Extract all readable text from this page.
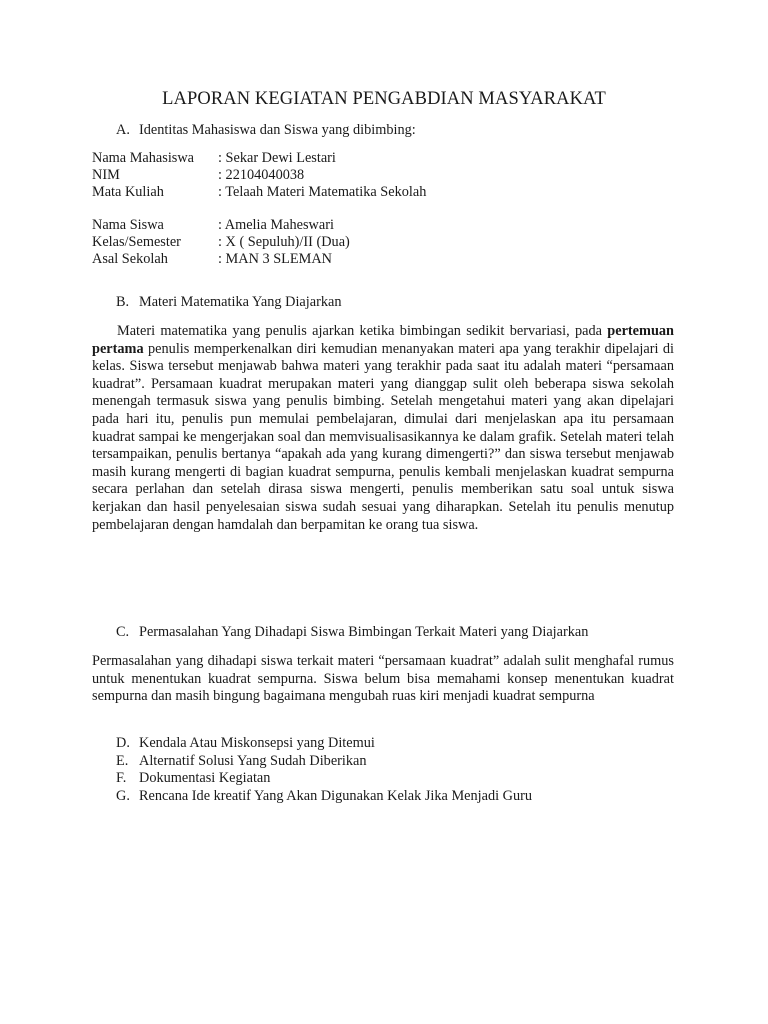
LAPORAN KEGIATAN PENGABDIAN MASYARAKAT
A. Identitas Mahasiswa dan Siswa yang dibimbing:
Nama Mahasiswa : Sekar Dewi Lestari
NIM	: 22104040038
Mata Kuliah	: Telaah Materi Matematika Sekolah
Nama Siswa	: Amelia Maheswari
Kelas/Semester	: X ( Sepuluh)/II (Dua)
Asal Sekolah	: MAN 3 SLEMAN
B. Materi Matematika Yang Diajarkan

Materi matematika yang penulis ajarkan ketika bimbingan sedikit bervariasi, pada pertemuan pertama penulis memperkenalkan diri kemudian menanyakan materi apa yang terakhir dipelajari di kelas. Siswa tersebut menjawab bahwa materi yang terakhir pada saat itu adalah materi “persamaan kuadrat”. Persamaan kuadrat merupakan materi yang dianggap sulit oleh beberapa siswa sekolah menengah termasuk siswa yang penulis bimbing. Setelah mengetahui materi yang akan dipelajari pada hari itu, penulis pun memulai pembelajaran, dimulai dari menjelaskan apa itu persamaan kuadrat sampai ke mengerjakan soal dan memvisualisasikannya ke dalam grafik. Setelah materi telah tersampaikan, penulis bertanya “apakah ada yang kurang dimengerti?” dan siswa tersebut menjawab masih kurang mengerti di bagian kuadrat sempurna, penulis kembali menjelaskan kuadrat sempurna secara perlahan dan setelah dirasa siswa mengerti, penulis memberikan satu soal untuk siswa kerjakan dan hasil penyelesaian siswa sudah sesuai yang diharapkan. Setelah itu penulis menutup pembelajaran dengan hamdalah dan berpamitan ke orang tua siswa.

C. Permasalahan Yang Dihadapi Siswa Bimbingan Terkait Materi yang Diajarkan

Permasalahan yang dihadapi siswa terkait materi “persamaan kuadrat” adalah sulit menghafal rumus untuk menentukan kuadrat sempurna. Siswa belum bisa memahami konsep menentukan kuadrat sempurna dan masih bingung bagaimana mengubah ruas kiri menjadi kuadrat sempurna

D. Kendala Atau Miskonsepsi yang Ditemui
E. Alternatif Solusi Yang Sudah Diberikan
F. Dokumentasi Kegiatan
G. Rencana Ide kreatif Yang Akan Digunakan Kelak Jika Menjadi Guru
